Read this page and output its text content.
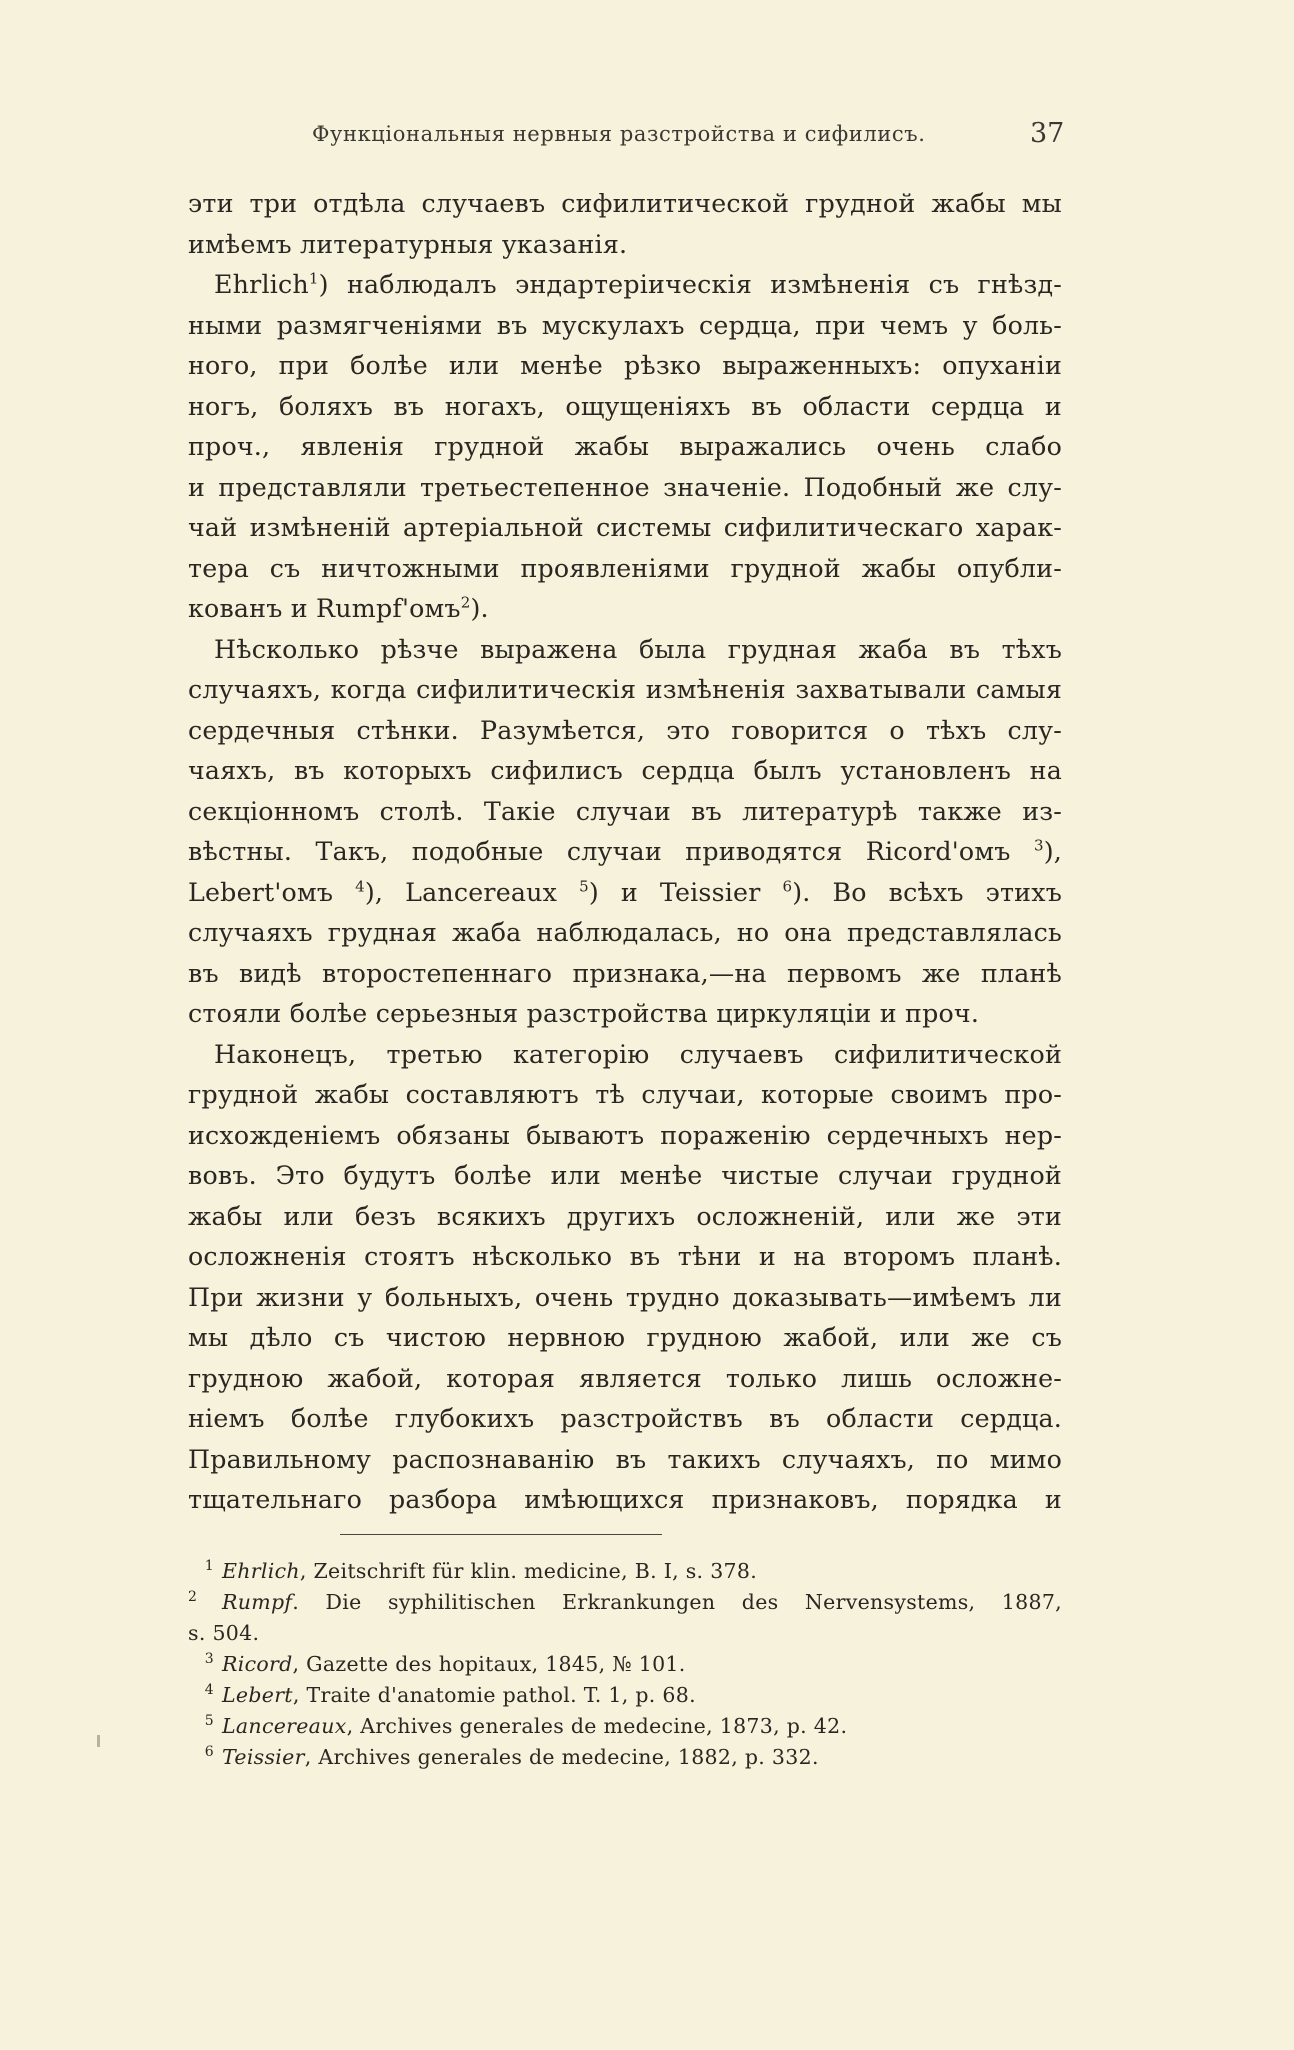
Функціональныя нервныя разстройства и сифилисъ.	37
эти три отдѣла случаевъ сифилитической грудной жабы мы
имѣемъ литературныя указанія.
Ehrlich$^1$) наблюдалъ эндартеріическія измѣненія съ гнѣзд-
ными размягченіями въ мускулахъ сердца, при чемъ у боль-
ного, при болѣе или менѣе рѣзко выраженныхъ: опуханіи
ногъ, боляхъ въ ногахъ, ощущеніяхъ въ области сердца и
проч., явленія грудной жабы выражались очень слабо
и представляли третьестепенное значеніе. Подобный же слу-
чай измѣненій артеріальной системы сифилитическаго харак-
тера съ ничтожными проявленіями грудной жабы опубли-
кованъ и Rumpf'омъ$^2$).
Нѣсколько рѣзче выражена была грудная жаба въ тѣхъ
случаяхъ, когда сифилитическія измѣненія захватывали самыя
сердечныя стѣнки. Разумѣется, это говорится о тѣхъ слу-
чаяхъ, въ которыхъ сифилисъ сердца былъ установленъ на
секціонномъ столѣ. Такіе случаи въ литературѣ также из-
вѣстны. Такъ, подобные случаи приводятся Ricord'омъ $^3$),
Lebert'омъ $^4$), Lancereaux $^5$) и Teissier $^6$). Во всѣхъ этихъ
случаяхъ грудная жаба наблюдалась, но она представлялась
въ видѣ второстепеннаго признака,—на первомъ же планѣ
стояли болѣе серьезныя разстройства циркуляціи и проч.
Наконецъ, третью категорію случаевъ сифилитической
грудной жабы составляютъ тѣ случаи, которые своимъ про-
исхожденіемъ обязаны бываютъ пораженію сердечныхъ нер-
вовъ. Это будутъ болѣе или менѣе чистые случаи грудной
жабы или безъ всякихъ другихъ осложненій, или же эти
осложненія стоятъ нѣсколько въ тѣни и на второмъ планѣ.
При жизни у больныхъ, очень трудно доказывать—имѣемъ ли
мы дѣло съ чистою нервною грудною жабой, или же съ
грудною жабой, которая является только лишь осложне-
ніемъ болѣе глубокихъ разстройствъ въ области сердца.
Правильному распознаванію въ такихъ случаяхъ, по мимо
тщательнаго разбора имѣющихся признаковъ, порядка и
1 Ehrlich, Zeitschrift für klin. medicine, B. I, s. 378.
2 Rumpf. Die syphilitischen Erkrankungen des Nervensystems, 1887,
s. 504.
3 Ricord, Gazette des hopitaux, 1845, № 101.
4 Lebert, Traite d'anatomie pathol. T. 1, p. 68.
5 Lancereaux, Archives generales de medecine, 1873, p. 42.
6 Teissier, Archives generales de medecine, 1882, p. 332.
